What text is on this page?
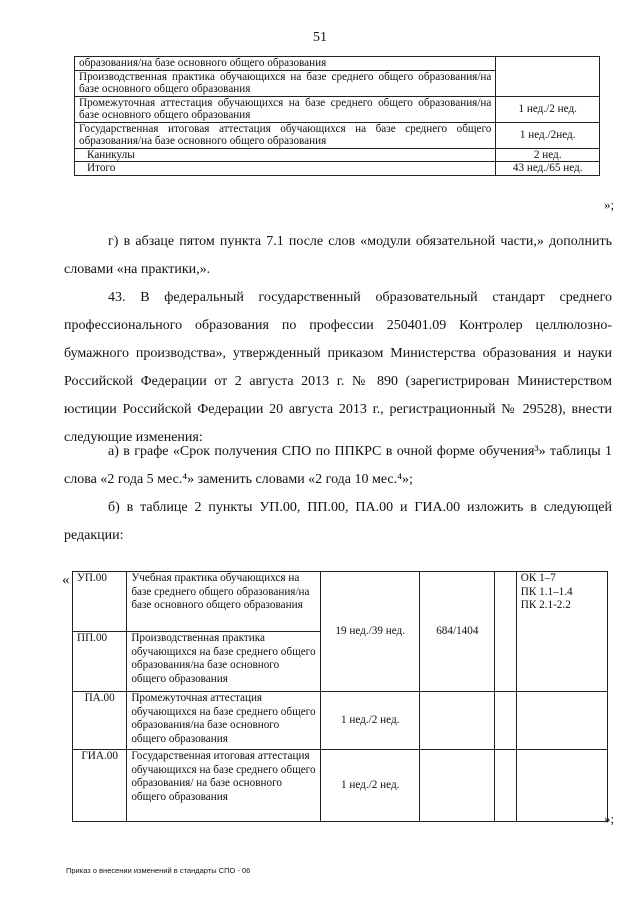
51
образования/на базе основного общего образования	
Производственная практика обучающихся на базе среднего общего образования/на базе основного общего образования	
Промежуточная аттестация обучающихся на базе среднего общего образования/на базе основного общего образования	1 нед./2 нед.
Государственная итоговая аттестация обучающихся на базе среднего общего образования/на базе основного общего образования	1 нед./2нед.
Каникулы	2 нед.
Итого	43 нед./65 нед.
»;

г) в абзаце пятом пункта 7.1 после слов «модули обязательной части,» дополнить словами «на практики,».

43. В федеральный государственный образовательный стандарт среднего профессионального образования по профессии 250401.09 Контролер целлюлозно-бумажного производства», утвержденный приказом Министерства образования и науки Российской Федерации от 2 августа 2013 г. № 890 (зарегистрирован Министерством юстиции Российской Федерации 20 августа 2013 г., регистрационный № 29528), внести следующие изменения:

а) в графе «Срок получения СПО по ППКРС в очной форме обучения³» таблицы 1 слова «2 года 5 мес.⁴» заменить словами «2 года 10 мес.⁴»;

б) в таблице 2 пункты УП.00, ПП.00, ПА.00 и ГИА.00 изложить в следующей редакции:

« УП.00	Учебная практика обучающихся на базе среднего общего образования/на базе основного общего образования	19 нед./39 нед.	684/1404		ОК 1–7
ПК 1.1–1.4
ПК 2.1-2.2

ПП.00	Производственная практика обучающихся на базе среднего общего образования/на базе основного общего образования				
ПА.00	Промежуточная аттестация обучающихся на базе среднего общего образования/на базе основного общего образования	1 нед./2 нед.			
ГИА.00	Государственная итоговая аттестация обучающихся на базе среднего общего образования/ на базе основного общего образования	1 нед./2 нед.			
»;
Приказ о внесении изменений в стандарты СПО - 06
